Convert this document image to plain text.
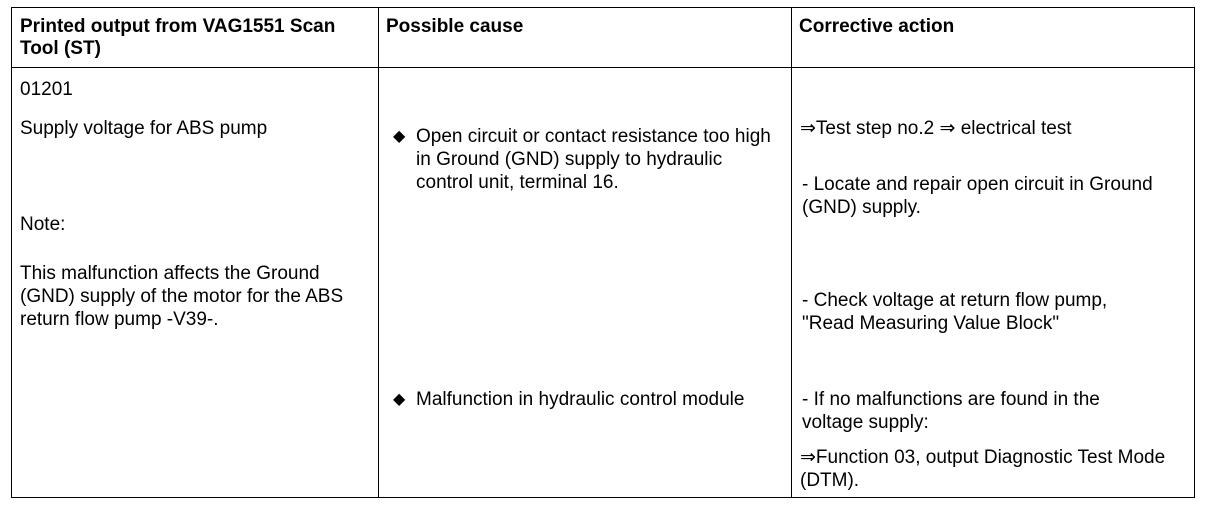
Printed output from VAG1551 Scan Tool (ST)
Possible cause	Corrective action
01201
Supply voltage for ABS pump
Note:
This malfunction affects the Ground (GND) supply of the motor for the ABS return flow pump -V39-.
◆ Open circuit or contact resistance too high in Ground (GND) supply to hydraulic control unit, terminal 16.
◆ Malfunction in hydraulic control module
⇒Test step no.2 ⇒ electrical test
- Locate and repair open circuit in Ground (GND) supply.
- Check voltage at return flow pump, "Read Measuring Value Block"
- If no malfunctions are found in the voltage supply:
⇒Function 03, output Diagnostic Test Mode (DTM).
